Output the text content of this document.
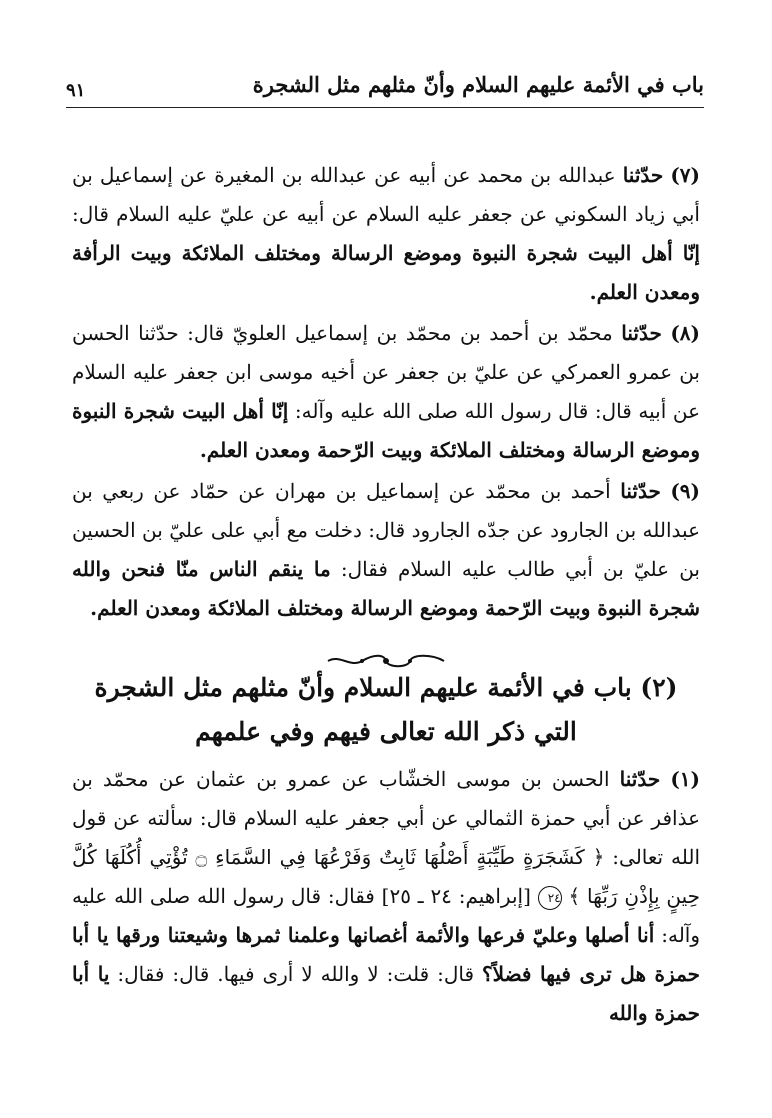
باب في الأئمة عليهم السلام وأنّ مثلهم مثل الشجرة
٩١

(٧) حدّثنا عبدالله بن محمد عن أبيه عن عبدالله بن المغيرة عن إسماعيل بن أبي زياد السكوني عن جعفر عليه السلام عن أبيه عن عليّ عليه السلام قال: إنّا أهل البيت شجرة النبوة وموضع الرسالة ومختلف الملائكة وبيت الرأفة ومعدن العلم.

(٨) حدّثنا محمّد بن أحمد بن محمّد بن إسماعيل العلويّ قال: حدّثنا الحسن بن عمرو العمركي عن عليّ بن جعفر عن أخيه موسى ابن جعفر عليه السلام عن أبيه قال: قال رسول الله صلى الله عليه وآله: إنّا أهل البيت شجرة النبوة وموضع الرسالة ومختلف الملائكة وبيت الرّحمة ومعدن العلم.

(٩) حدّثنا أحمد بن محمّد عن إسماعيل بن مهران عن حمّاد عن ربعي بن عبدالله بن الجارود عن جدّه الجارود قال: دخلت مع أبي على عليّ بن الحسين بن عليّ بن أبي طالب عليه السلام فقال: ما ينقم الناس منّا فنحن والله شجرة النبوة وبيت الرّحمة وموضع الرسالة ومختلف الملائكة ومعدن العلم.

(٢) باب في الأئمة عليهم السلام وأنّ مثلهم مثل الشجرة
التي ذكر الله تعالى فيهم وفي علمهم

(١) حدّثنا الحسن بن موسى الخشّاب عن عمرو بن عثمان عن محمّد بن عذافر عن أبي حمزة الثمالي عن أبي جعفر عليه السلام قال: سألته عن قول الله تعالى: ﴿ كَشَجَرَةٍ طَيِّبَةٍ أَصْلُهَا ثَابِتٌ وَفَرْعُهَا فِي السَّمَاءِ ۝ تُؤْتِي أُكُلَهَا كُلَّ حِينٍ بِإِذْنِ رَبِّهَا ﴾ ٢٤ [إبراهيم: ٢٤ ـ ٢٥] فقال: قال رسول الله صلى الله عليه وآله: أنا أصلها وعليّ فرعها والأئمة أغصانها وعلمنا ثمرها وشيعتنا ورقها يا أبا حمزة هل ترى فيها فضلاً؟ قال: قلت: لا والله لا أرى فيها. قال: فقال: يا أبا حمزة والله
